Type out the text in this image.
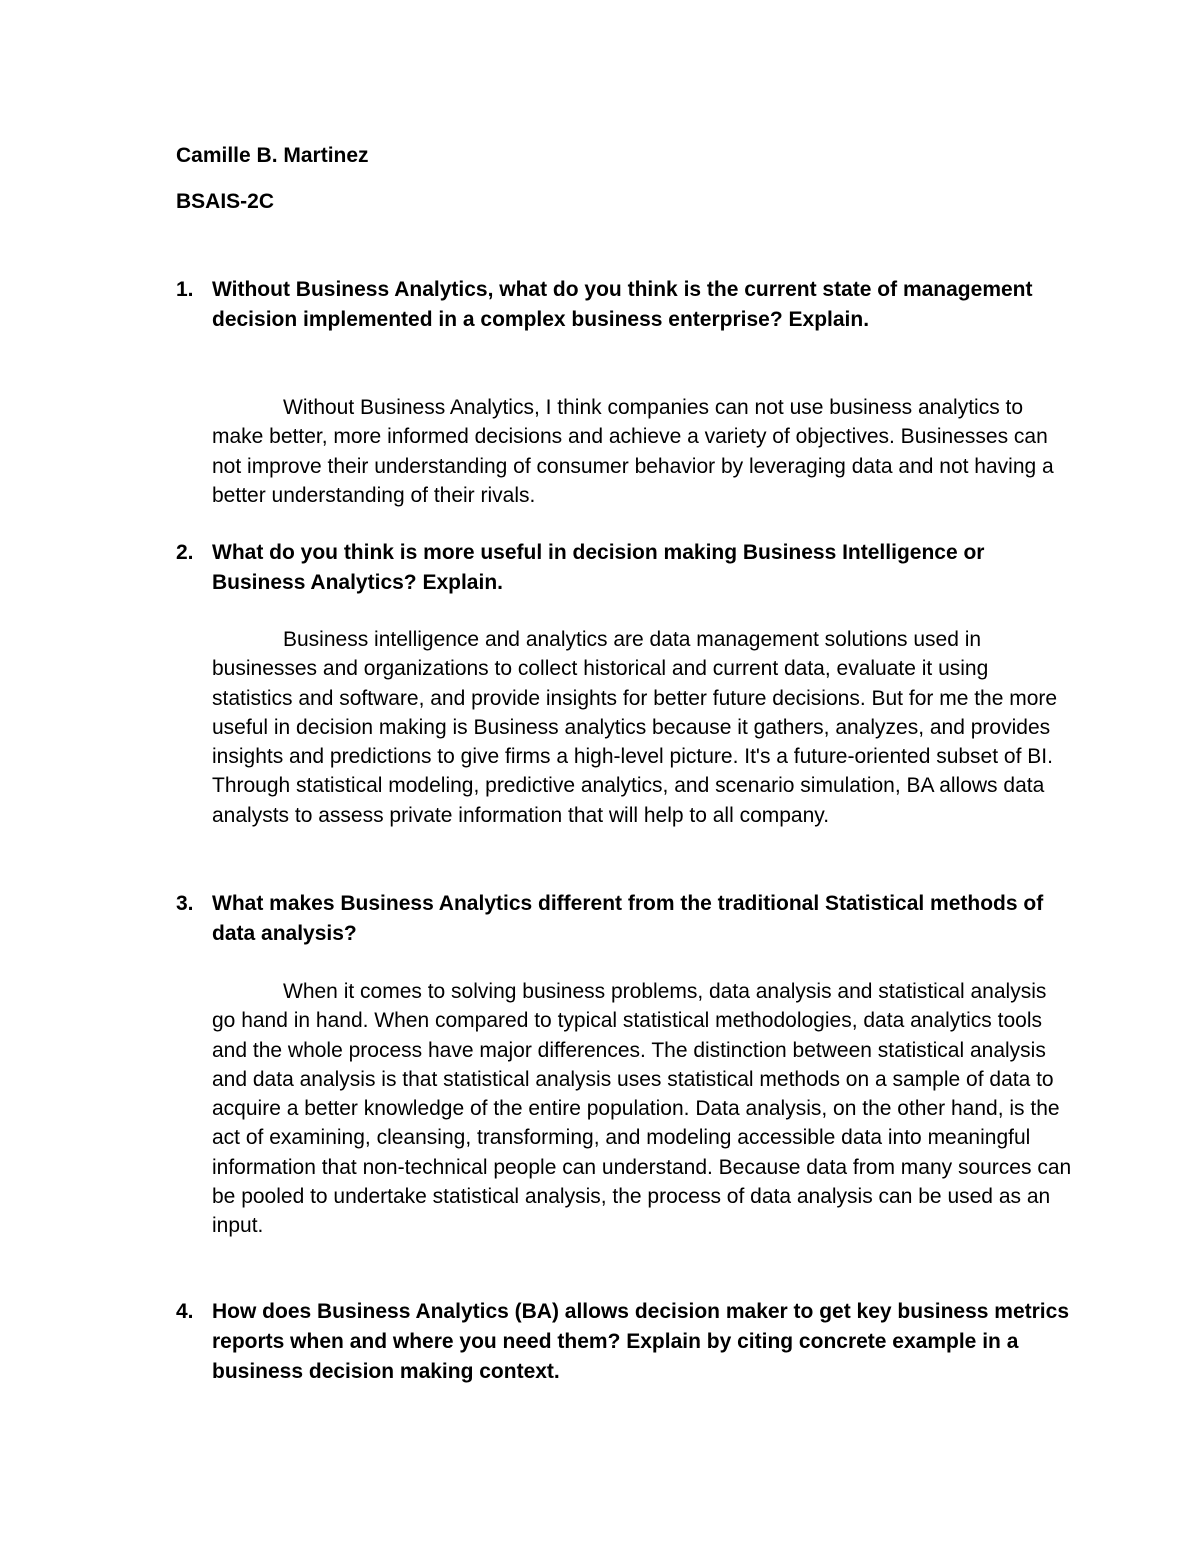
Camille B. Martinez
BSAIS-2C
1. Without Business Analytics, what do you think is the current state of management decision implemented in a complex business enterprise? Explain.

Without Business Analytics, I think companies can not use business analytics to make better, more informed decisions and achieve a variety of objectives. Businesses can not improve their understanding of consumer behavior by leveraging data and not having a better understanding of their rivals.

2. What do you think is more useful in decision making Business Intelligence or Business Analytics? Explain.

Business intelligence and analytics are data management solutions used in businesses and organizations to collect historical and current data, evaluate it using statistics and software, and provide insights for better future decisions. But for me the more useful in decision making is Business analytics because it gathers, analyzes, and provides insights and predictions to give firms a high-level picture. It's a future-oriented subset of BI. Through statistical modeling, predictive analytics, and scenario simulation, BA allows data analysts to assess private information that will help to all company.

3. What makes Business Analytics different from the traditional Statistical methods of data analysis?

When it comes to solving business problems, data analysis and statistical analysis go hand in hand. When compared to typical statistical methodologies, data analytics tools and the whole process have major differences. The distinction between statistical analysis and data analysis is that statistical analysis uses statistical methods on a sample of data to acquire a better knowledge of the entire population. Data analysis, on the other hand, is the act of examining, cleansing, transforming, and modeling accessible data into meaningful information that non-technical people can understand. Because data from many sources can be pooled to undertake statistical analysis, the process of data analysis can be used as an input.

4. How does Business Analytics (BA) allows decision maker to get key business metrics reports when and where you need them? Explain by citing concrete example in a business decision making context.
